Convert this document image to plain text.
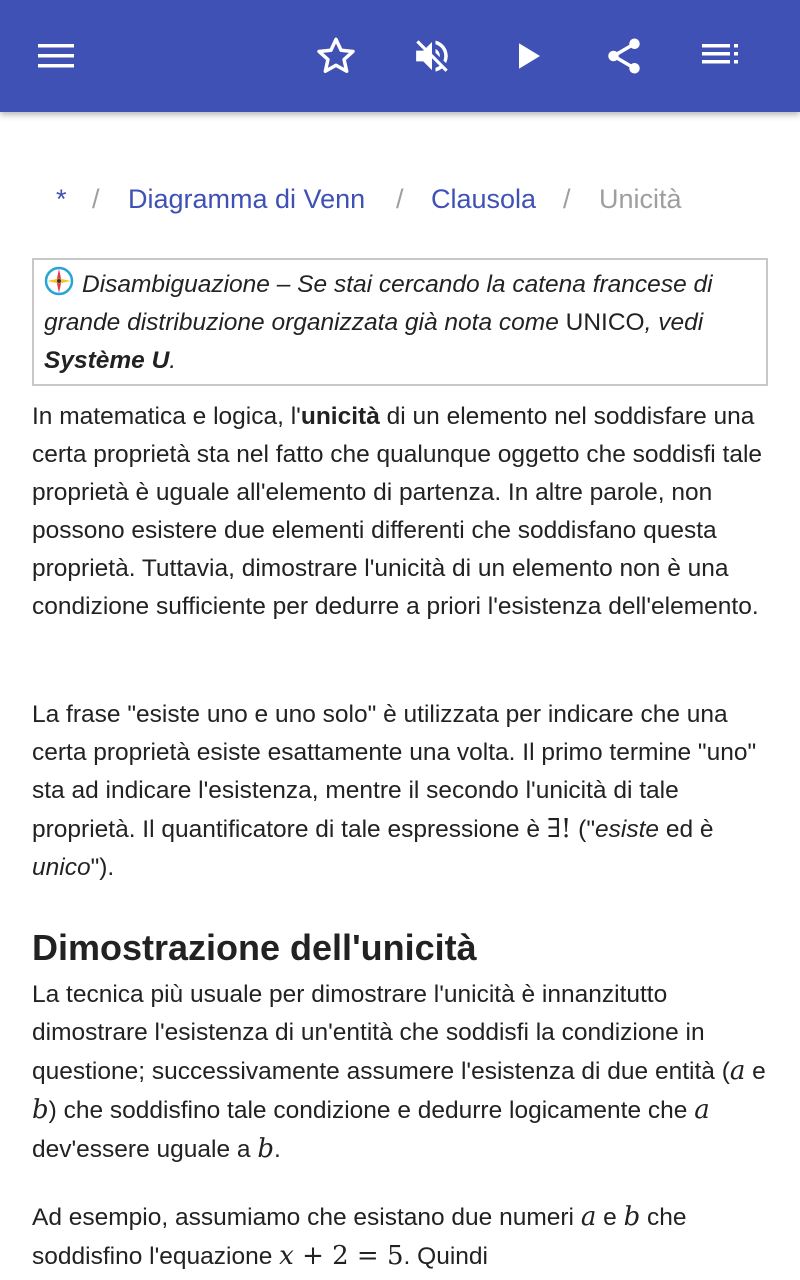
* / Diagramma di Venn / Clausola / Unicità
Disambiguazione – Se stai cercando la catena francese di grande distribuzione organizzata già nota come UNICO, vedi Système U.

In matematica e logica, l'unicità di un elemento nel soddisfare una certa proprietà sta nel fatto che qualunque oggetto che soddisfi tale proprietà è uguale all'elemento di partenza. In altre parole, non possono esistere due elementi differenti che soddisfano questa proprietà. Tuttavia, dimostrare l'unicità di un elemento non è una condizione sufficiente per dedurre a priori l'esistenza dell'elemento.

La frase "esiste uno e uno solo" è utilizzata per indicare che una certa proprietà esiste esattamente una volta. Il primo termine "uno" sta ad indicare l'esistenza, mentre il secondo l'unicità di tale proprietà. Il quantificatore di tale espressione è ∃! ("esiste ed è unico").

Dimostrazione dell'unicità

La tecnica più usuale per dimostrare l'unicità è innanzitutto dimostrare l'esistenza di un'entità che soddisfi la condizione in questione; successivamente assumere l'esistenza di due entità (a e b) che soddisfino tale condizione e dedurre logicamente che a dev'essere uguale a b.

Ad esempio, assumiamo che esistano due numeri a e b che soddisfino l'equazione x + 2 = 5. Quindi
